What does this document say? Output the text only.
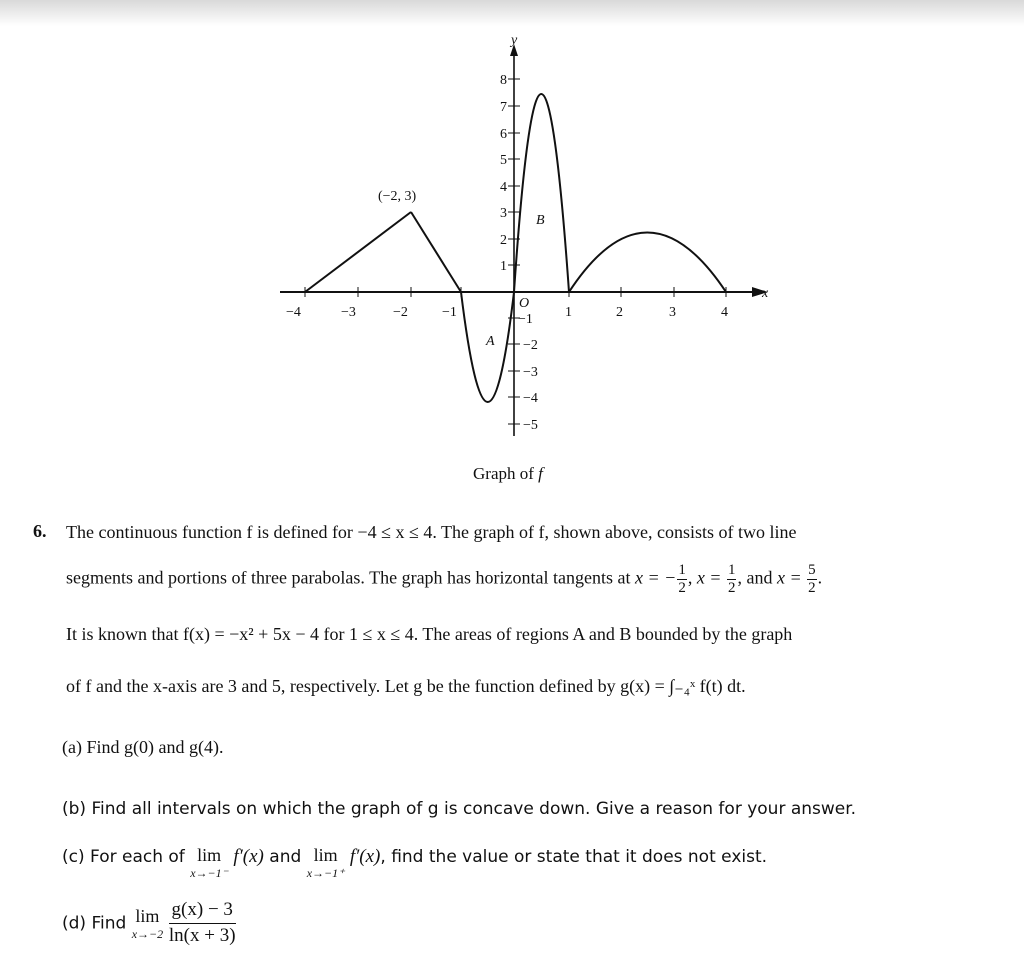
y
x
O
−4	−3	−2 −1	1	2	3	4
1
2
3
4
5
6
7
8
−1
−2
−3
−4
−5
(−2, 3)
A
B
Graph of f
6. The continuous function f is defined for −4 ≤ x ≤ 4. The graph of f, shown above, consists of two line
segments and portions of three parabolas. The graph has horizontal tangents at x = − $\frac{1}{2}$ , $x = \frac{1}{2}$ , and $x = \frac{5}{2}$ .
It is known that f(x) = −x² + 5x − 4 for 1 ≤ x ≤ 4. The areas of regions A and B bounded by the graph
of f and the x-axis are 3 and 5, respectively. Let g be the function defined by g(x) = ∫₋₄ˣ f(t) dt.
(a) Find g(0) and g(4).
(b) Find all intervals on which the graph of g is concave down. Give a reason for your answer.
(c) For each of lim
x→−1⁻
f′(x) and lim
x→−1⁺
f′(x), find the value or state that it does not exist.
(d) Find lim
x→−2
$\frac{g(x) - 3}{\ln(x + 3)}$
